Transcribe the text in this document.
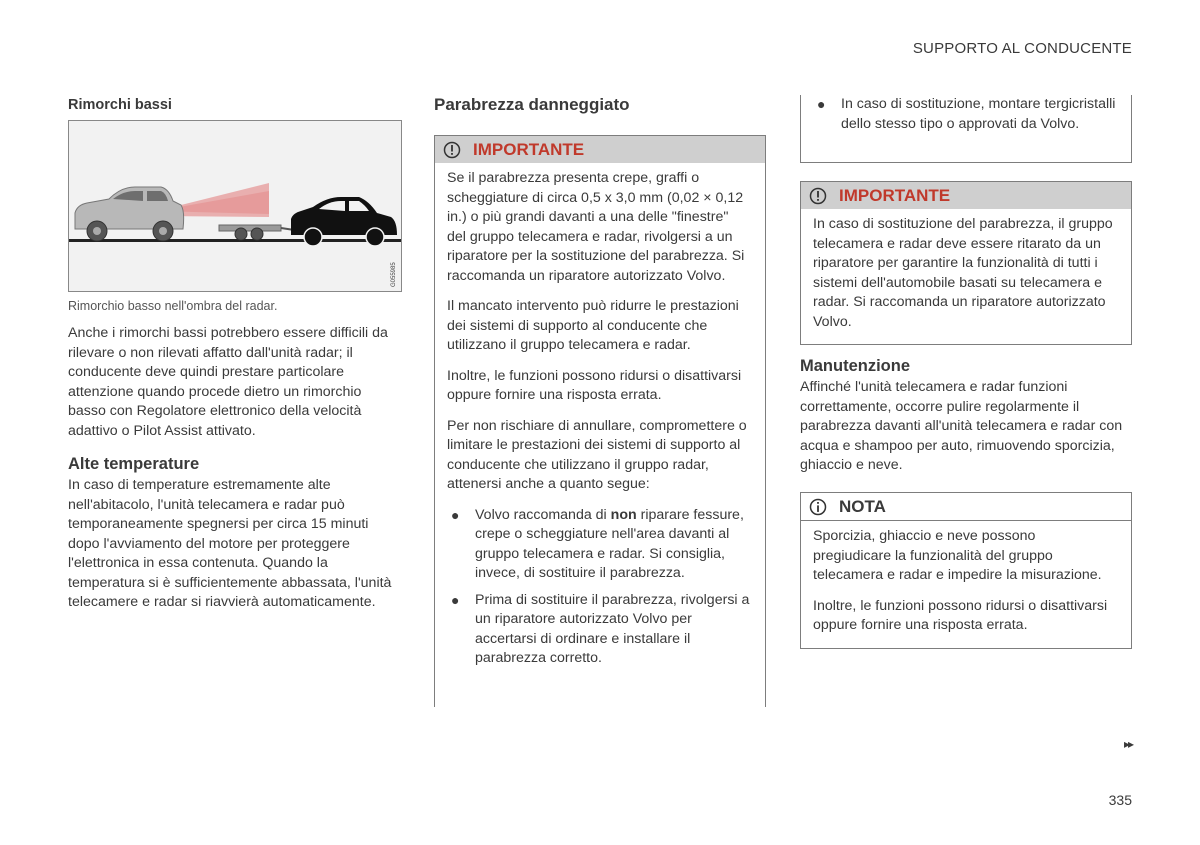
SUPPORTO AL CONDUCENTE
Rimorchi bassi
G055985
Rimorchio basso nell'ombra del radar.

Anche i rimorchi bassi potrebbero essere difficili da rilevare o non rilevati affatto dall'unità radar; il conducente deve quindi prestare particolare attenzione quando procede dietro un rimorchio basso con Regolatore elettronico della velocità adattivo o Pilot Assist attivato.

Alte temperature

In caso di temperature estremamente alte nell'abitacolo, l'unità telecamera e radar può temporaneamente spegnersi per circa 15 minuti dopo l'avviamento del motore per proteggere l'elettronica in essa contenuta. Quando la temperatura si è sufficientemente abbassata, l'unità telecamere e radar si riavvierà automaticamente.

Parabrezza danneggiato
IMPORTANTE

Se il parabrezza presenta crepe, graffi o scheggiature di circa 0,5 x 3,0 mm (0,02 × 0,12 in.) o più grandi davanti a una delle "finestre" del gruppo telecamera e radar, rivolgersi a un riparatore per la sostituzione del parabrezza. Si raccomanda un riparatore autorizzato Volvo.

Il mancato intervento può ridurre le prestazioni dei sistemi di supporto al conducente che utilizzano il gruppo telecamera e radar.

Inoltre, le funzioni possono ridursi o disattivarsi oppure fornire una risposta errata.

Per non rischiare di annullare, compromettere o limitare le prestazioni dei sistemi di supporto al conducente che utilizzano il gruppo radar, attenersi anche a quanto segue:

● Volvo raccomanda di non riparare fessure, crepe o scheggiature nell'area davanti al gruppo telecamera e radar. Si consiglia, invece, di sostituire il parabrezza.
● Prima di sostituire il parabrezza, rivolgersi a un riparatore autorizzato Volvo per accertarsi di ordinare e installare il parabrezza corretto.
● In caso di sostituzione, montare tergicristalli dello stesso tipo o approvati da Volvo.
IMPORTANTE

In caso di sostituzione del parabrezza, il gruppo telecamera e radar deve essere ritarato da un riparatore per garantire la funzionalità di tutti i sistemi dell'automobile basati su telecamera e radar. Si raccomanda un riparatore autorizzato Volvo.

Manutenzione

Affinché l'unità telecamera e radar funzioni correttamente, occorre pulire regolarmente il parabrezza davanti all'unità telecamera e radar con acqua e shampoo per auto, rimuovendo sporcizia, ghiaccio e neve.

NOTA

Sporcizia, ghiaccio e neve possono pregiudicare la funzionalità del gruppo telecamera e radar e impedire la misurazione.

Inoltre, le funzioni possono ridursi o disattivarsi oppure fornire una risposta errata.

▸▸
335
